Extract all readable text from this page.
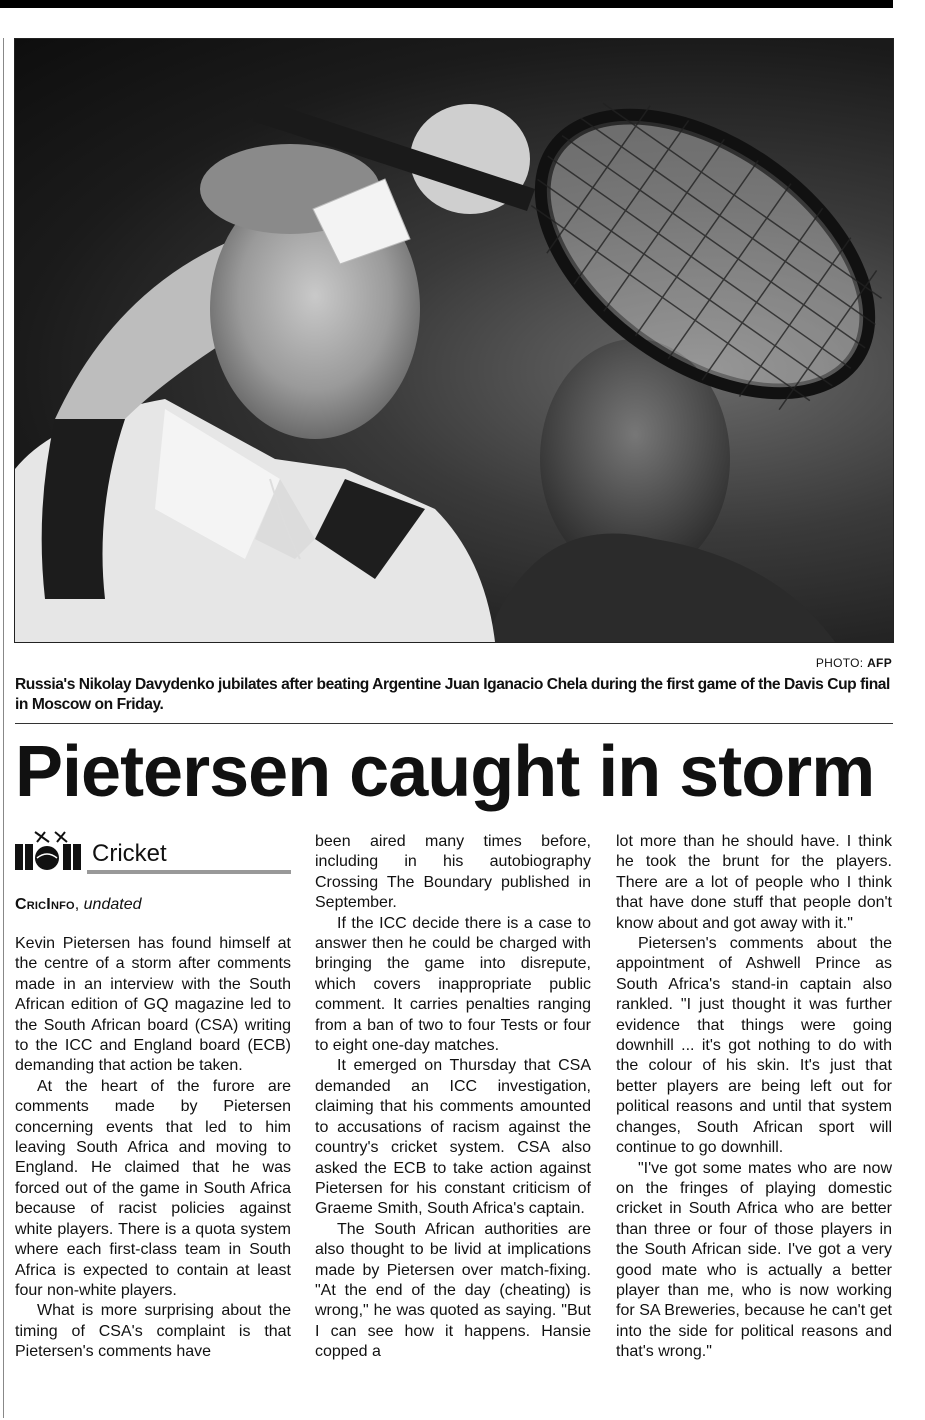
PHOTO: AFP
Russia's Nikolay Davydenko jubilates after beating Argentine Juan Iganacio Chela during the first game of the Davis Cup final in Moscow on Friday.
Pietersen caught in storm
Cricket
CricInfo, undated

Kevin Pietersen has found himself at the centre of a storm after comments made in an interview with the South African edition of GQ magazine led to the South African board (CSA) writing to the ICC and England board (ECB) demanding that action be taken.

At the heart of the furore are comments made by Pietersen concerning events that led to him leaving South Africa and moving to England. He claimed that he was forced out of the game in South Africa because of racist policies against white players. There is a quota system where each first-class team in South Africa is expected to contain at least four non-white players.

What is more surprising about the timing of CSA's complaint is that Pietersen's comments have

been aired many times before, including in his autobiography Crossing The Boundary published in September.

If the ICC decide there is a case to answer then he could be charged with bringing the game into disrepute, which covers inappropriate public comment. It carries penalties ranging from a ban of two to four Tests or four to eight one-day matches.

It emerged on Thursday that CSA demanded an ICC investigation, claiming that his comments amounted to accusations of racism against the country's cricket system. CSA also asked the ECB to take action against Pietersen for his constant criticism of Graeme Smith, South Africa's captain.

The South African authorities are also thought to be livid at implications made by Pietersen over match-fixing. "At the end of the day (cheating) is wrong," he was quoted as saying. "But I can see how it happens. Hansie copped a

lot more than he should have. I think he took the brunt for the players. There are a lot of people who I think that have done stuff that people don't know about and got away with it."

Pietersen's comments about the appointment of Ashwell Prince as South Africa's stand-in captain also rankled. "I just thought it was further evidence that things were going downhill ... it's got nothing to do with the colour of his skin. It's just that better players are being left out for political reasons and until that system changes, South African sport will continue to go downhill.

"I've got some mates who are now on the fringes of playing domestic cricket in South Africa who are better than three or four of those players in the South African side. I've got a very good mate who is actually a better player than me, who is now working for SA Breweries, because he can't get into the side for political reasons and that's wrong."
